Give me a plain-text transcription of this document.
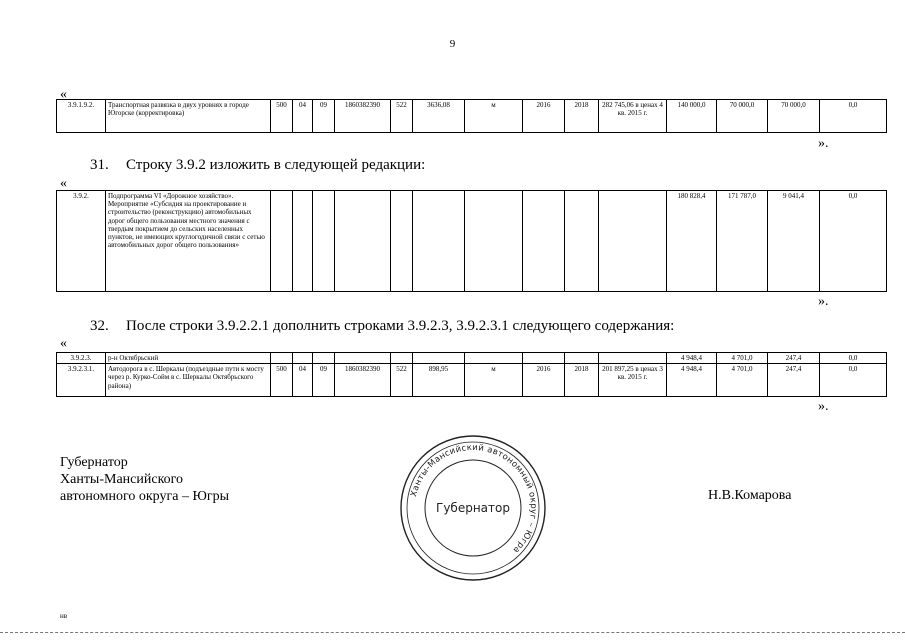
9
«
3.9.1.9.2.	Транспортная развязка в двух уровнях в городе Югорске (корректировка)	500	04	09	1860382390	522	3636,08	м	2016	2018	282 745,06 в ценах 4 кв. 2015 г.	140 000,0	70 000,0	70 000,0	0,0
».
31. Строку 3.9.2 изложить в следующей редакции:
«
3.9.2.	Подпрограмма VI «Дорожное хозяйство». Мероприятие «Субсидия на проектирование и строительство (реконструкцию) автомобильных дорог общего пользования местного значения с твердым покрытием до сельских населенных пунктов, не имеющих круглогодичной связи с сетью автомобильных дорог общего пользования»											180 828,4	171 787,0	9 041,4	0,0
».
32. После строки 3.9.2.2.1 дополнить строками 3.9.2.3, 3.9.2.3.1 следующего содержания:
«
3.9.2.3.	р-н Октябрьский											4 948,4	4 701,0	247,4	0,0
3.9.2.3.1.	Автодорога в с. Шеркалы (подъездные пути к мосту через р. Курко-Сойм в с. Шеркалы Октябрьского района)	500	04	09	1860382390	522	898,95	м	2016	2018	201 897,25 в ценах 3 кв. 2015 г.	4 948,4	4 701,0	247,4	0,0
».
Губернатор
Ханты-Мансийского
автономного округа – Югры	Н.В.Комарова
Ханты-Мансийский автономный округ – Югра
Губернатор
нв
